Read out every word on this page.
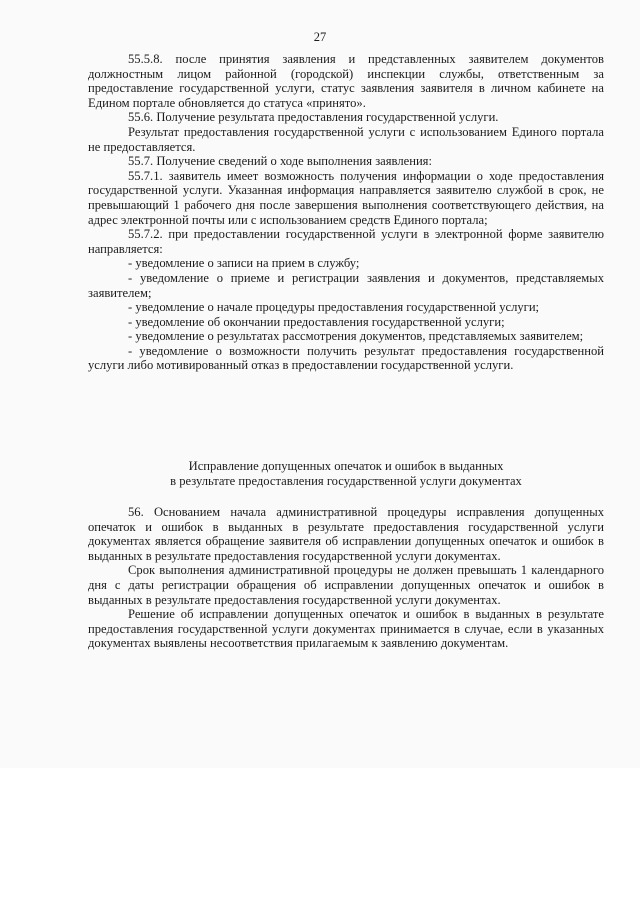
27

55.5.8. после принятия заявления и представленных заявителем документов должностным лицом районной (городской) инспекции службы, ответственным за предоставление государственной услуги, статус заявления заявителя в личном кабинете на Едином портале обновляется до статуса «принято».

55.6. Получение результата предоставления государственной услуги.

Результат предоставления государственной услуги с использованием Единого портала не предоставляется.

55.7. Получение сведений о ходе выполнения заявления:

55.7.1. заявитель имеет возможность получения информации о ходе предоставления государственной услуги. Указанная информация направляется заявителю службой в срок, не превышающий 1 рабочего дня после завершения выполнения соответствующего действия, на адрес электронной почты или с использованием средств Единого портала;

55.7.2. при предоставлении государственной услуги в электронной форме заявителю направляется:

- уведомление о записи на прием в службу;

- уведомление о приеме и регистрации заявления и документов, представляемых заявителем;

- уведомление о начале процедуры предоставления государственной услуги;

- уведомление об окончании предоставления государственной услуги;

- уведомление о результатах рассмотрения документов, представляемых заявителем;

- уведомление о возможности получить результат предоставления государственной услуги либо мотивированный отказ в предоставлении государственной услуги.

Исправление допущенных опечаток и ошибок в выданных
в результате предоставления государственной услуги документах

56. Основанием начала административной процедуры исправления допущенных опечаток и ошибок в выданных в результате предоставления государственной услуги документах является обращение заявителя об исправлении допущенных опечаток и ошибок в выданных в результате предоставления государственной услуги документах.

Срок выполнения административной процедуры не должен превышать 1 календарного дня с даты регистрации обращения об исправлении допущенных опечаток и ошибок в выданных в результате предоставления государственной услуги документах.

Решение об исправлении допущенных опечаток и ошибок в выданных в результате предоставления государственной услуги документах принимается в случае, если в указанных документах выявлены несоответствия прилагаемым к заявлению документам.
